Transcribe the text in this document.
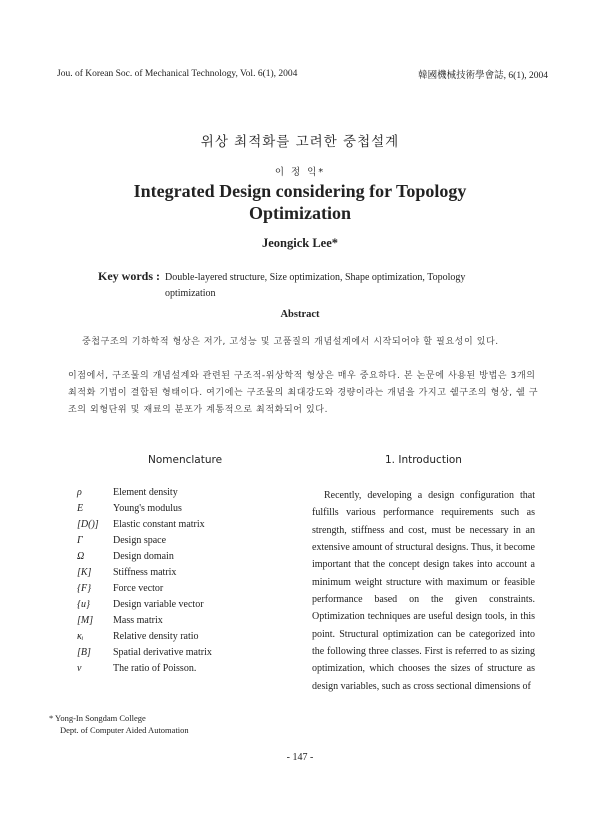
Jou. of Korean Soc. of Mechanical Technology, Vol. 6(1), 2004	韓國機械技術學會誌, 6(1), 2004
위상 최적화를 고려한 중첩설계
이 정 익*
Integrated Design considering for Topology
Optimization
Jeongick Lee*
Key words : Double-layered structure, Size optimization, Shape optimization, Topology optimization
Abstract
중첩구조의 기하학적 형상은 저가, 고성능 및 고품질의 개념설계에서 시작되어야 할 필요성이 있다.
이점에서, 구조물의 개념설계와 관련된 구조적-위상학적 형상은 매우 중요하다. 본 논문에 사용된 방법은 3개의 최적화 기법이 결합된 형태이다. 여기에는 구조물의 최대강도와 경량이라는 개념을 가지고 쉘구조의 형상, 쉘 구조의 외형단위 및 재료의 분포가 계통적으로 최적화되어 있다.
Nomenclature	1. Introduction
ρ	Element density
E	Young's modulus
[D()]	Elastic constant matrix
Γ	Design space
Ω	Design domain
[K]	Stiffness matrix
{F}	Force vector
{u}	Design variable vector
[M]	Mass matrix
κᵢ	Relative density ratio
[B]	Spatial derivative matrix
ν	The ratio of Poisson.
Recently, developing a design configuration that fulfills various performance requirements such as strength, stiffness and cost, must be necessary in an extensive amount of structural designs. Thus, it become important that the concept design takes into account a minimum weight structure with maximum or feasible performance based on the given constraints. Optimization techniques are useful design tools, in this point. Structural optimization can be categorized into the following three classes. First is referred to as sizing optimization, which chooses the sizes of structure as design variables, such as cross sectional dimensions of
* Yong-In Songdam College
Dept. of Computer Aided Automation
- 147 -
